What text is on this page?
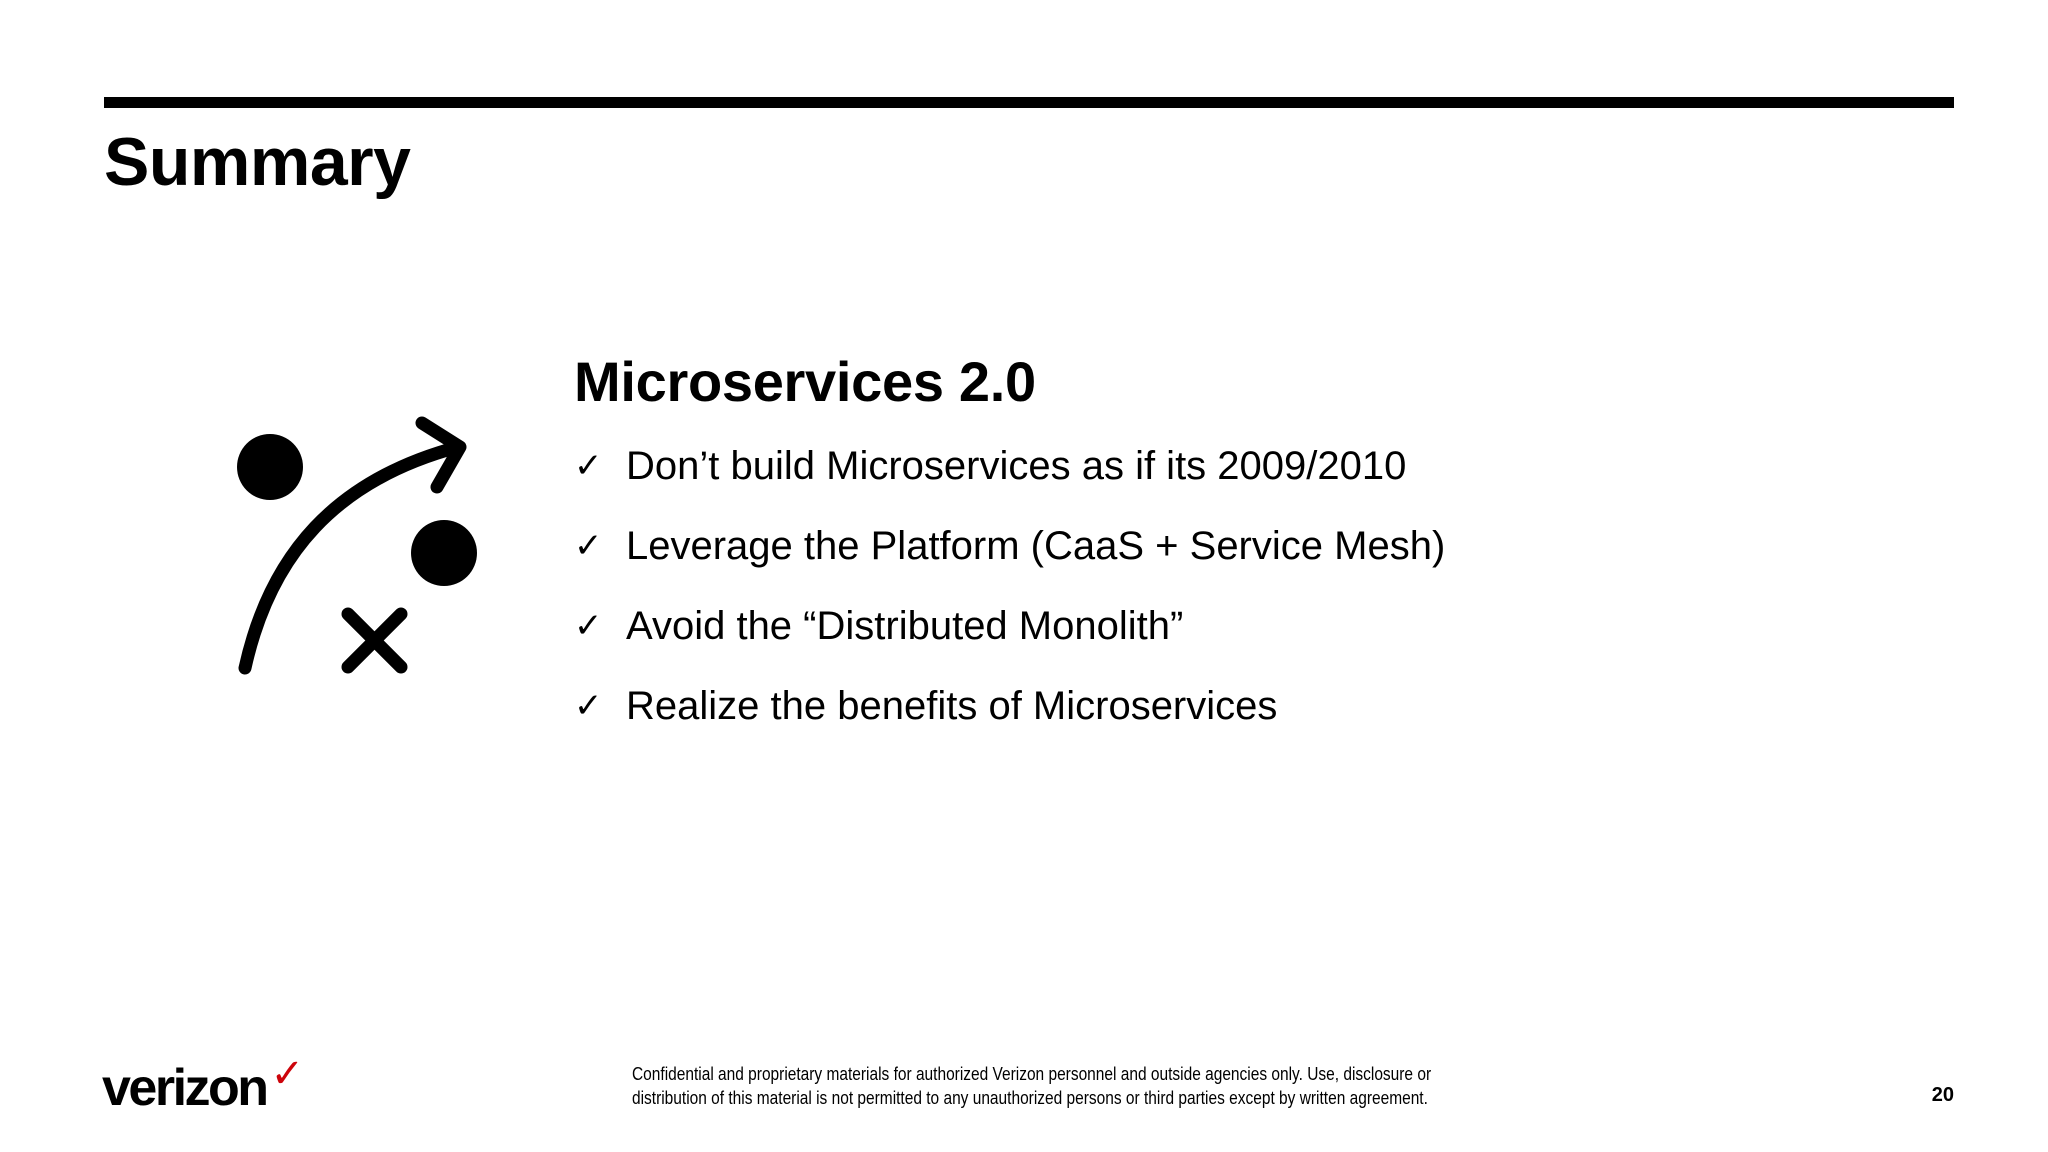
Summary
Microservices 2.0
✓ Don’t build Microservices as if its 2009/2010
✓ Leverage the Platform (CaaS + Service Mesh)
✓ Avoid the “Distributed Monolith”
✓ Realize the benefits of Microservices
verizon ✓	Confidential and proprietary materials for authorized Verizon personnel and outside agencies only. Use, disclosure or
distribution of this material is not permitted to any unauthorized persons or third parties except by written agreement.	20
